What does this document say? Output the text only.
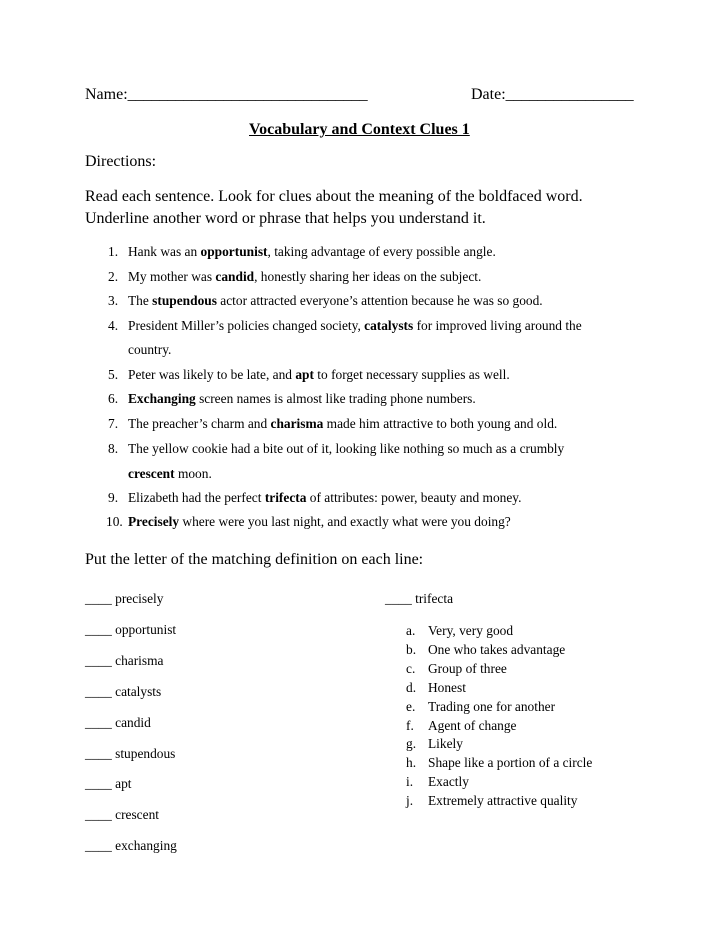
Name:______________________________	Date:________________
Vocabulary and Context Clues 1
Directions:
Read each sentence. Look for clues about the meaning of the boldfaced word.
Underline another word or phrase that helps you understand it.
1. Hank was an opportunist, taking advantage of every possible angle.
2. My mother was candid, honestly sharing her ideas on the subject.
3. The stupendous actor attracted everyone’s attention because he was so good.
4. President Miller’s policies changed society, catalysts for improved living around the
country.
5. Peter was likely to be late, and apt to forget necessary supplies as well.
6. Exchanging screen names is almost like trading phone numbers.
7. The preacher’s charm and charisma made him attractive to both young and old.
8. The yellow cookie had a bite out of it, looking like nothing so much as a crumbly
crescent moon.
9. Elizabeth had the perfect trifecta of attributes: power, beauty and money.
10. Precisely where were you last night, and exactly what were you doing?
Put the letter of the matching definition on each line:
____ precisely
____ opportunist
____ charisma
____ catalysts
____ candid
____ stupendous
____ apt
____ crescent
____ exchanging
____ trifecta
a. Very, very good
b. One who takes advantage
c. Group of three
d. Honest
e. Trading one for another
f. Agent of change
g. Likely
h. Shape like a portion of a circle
i. Exactly
j. Extremely attractive quality
